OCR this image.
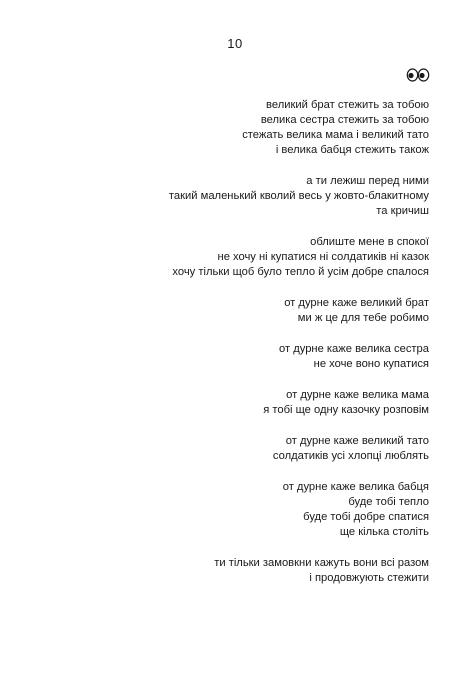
10
великий брат стежить за тобою
велика сестра стежить за тобою
стежать велика мама і великий тато
і велика бабця стежить також
а ти лежиш перед ними
такий маленький кволий весь у жовто-блакитному
та кричиш
облиште мене в спокої
не хочу ні купатися ні солдатиків ні казок
хочу тільки щоб було тепло й усім добре спалося
от дурне каже великий брат
ми ж це для тебе робимо
от дурне каже велика сестра
не хоче воно купатися
от дурне каже велика мама
я тобі ще одну казочку розповім
от дурне каже великий тато
солдатиків усі хлопці люблять
от дурне каже велика бабця
буде тобі тепло
буде тобі добре спатися
ще кілька століть
ти тільки замовкни кажуть вони всі разом
і продовжують стежити
